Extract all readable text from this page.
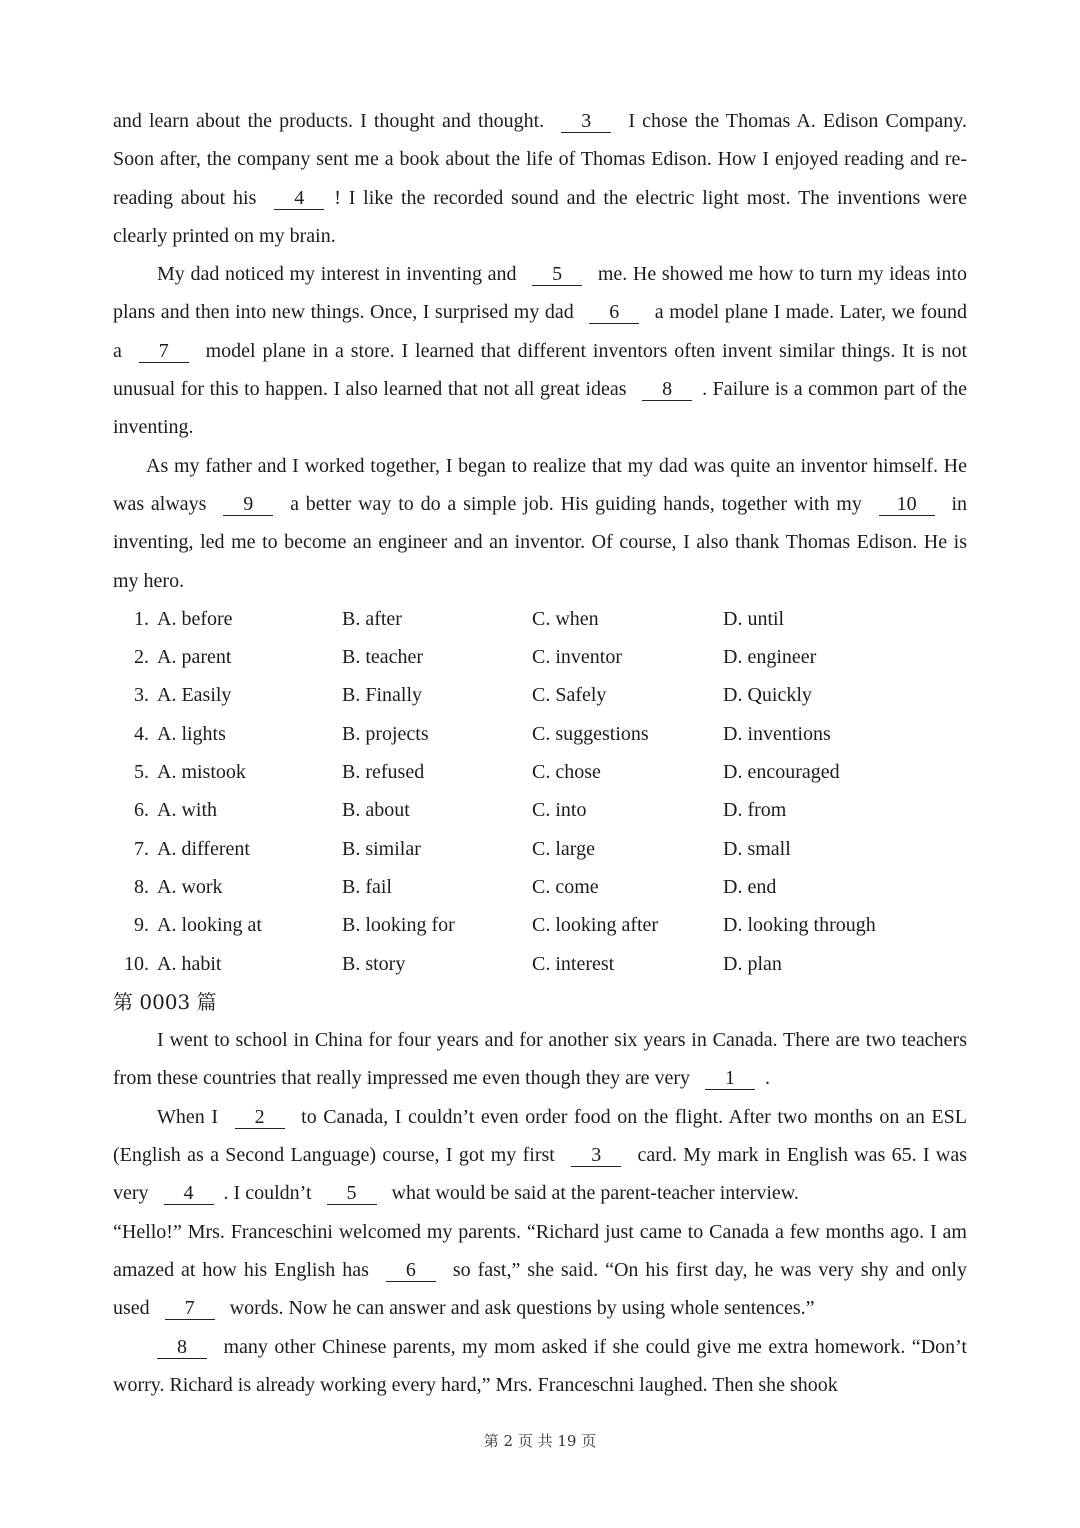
and learn about the products. I thought and thought. 3 I chose the Thomas A. Edison Company. Soon after, the company sent me a book about the life of Thomas Edison. How I enjoyed reading and re-reading about his 4 ! I like the recorded sound and the electric light most. The inventions were clearly printed on my brain.

My dad noticed my interest in inventing and 5 me. He showed me how to turn my ideas into plans and then into new things. Once, I surprised my dad 6 a model plane I made. Later, we found a 7 model plane in a store. I learned that different inventors often invent similar things. It is not unusual for this to happen. I also learned that not all great ideas 8 . Failure is a common part of the inventing.

As my father and I worked together, I began to realize that my dad was quite an inventor himself. He was always 9 a better way to do a simple job. His guiding hands, together with my 10 in inventing, led me to become an engineer and an inventor. Of course, I also thank Thomas Edison. He is my hero.

1. A. before	B. after	C. when	D. until
2. A. parent	B. teacher	C. inventor	D. engineer
3. A. Easily	B. Finally	C. Safely	D. Quickly
4. A. lights	B. projects	C. suggestions	D. inventions
5. A. mistook	B. refused	C. chose	D. encouraged
6. A. with	B. about	C. into	D. from
7. A. different	B. similar	C. large	D. small
8. A. work	B. fail	C. come	D. end
9. A. looking at	B. looking for	C. looking after	D. looking through
10. A. habit	B. story	C. interest	D. plan

第 0003 篇

I went to school in China for four years and for another six years in Canada. There are two teachers from these countries that really impressed me even though they are very 1 .

When I 2 to Canada, I couldn’t even order food on the flight. After two months on an ESL (English as a Second Language) course, I got my first 3 card. My mark in English was 65. I was very 4 . I couldn’t 5 what would be said at the parent-teacher interview.

“Hello!” Mrs. Franceschini welcomed my parents. “Richard just came to Canada a few months ago. I am amazed at how his English has 6 so fast,” she said. “On his first day, he was very shy and only used 7 words. Now he can answer and ask questions by using whole sentences.”

8 many other Chinese parents, my mom asked if she could give me extra homework. “Don’t worry. Richard is already working every hard,” Mrs. Franceschni laughed. Then she shook

第 2 页 共 19 页
